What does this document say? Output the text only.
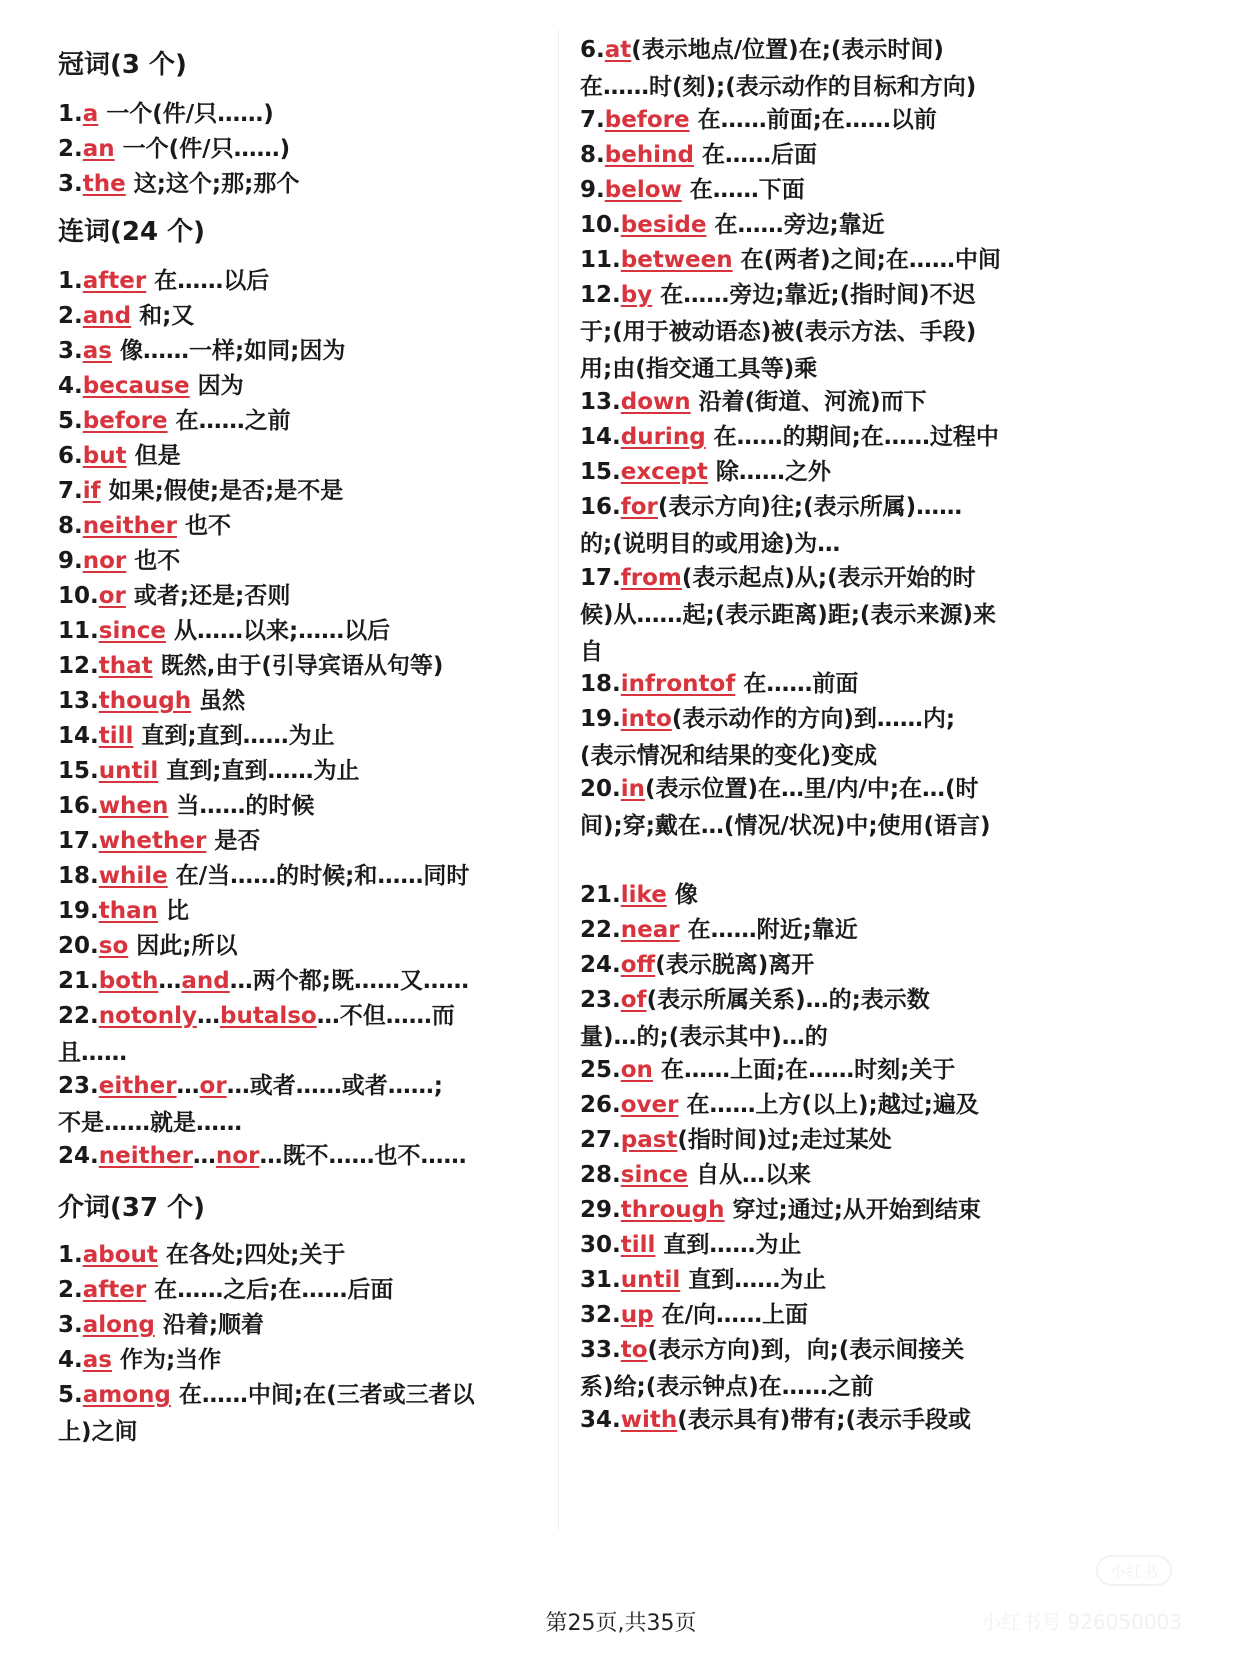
冠词(3 个)
1.a 一个(件/只……)
2.an 一个(件/只……)
3.the 这;这个;那;那个
连词(24 个)
1.after 在……以后
2.and 和;又
3.as 像……一样;如同;因为
4.because 因为
5.before 在……之前
6.but 但是
7.if 如果;假使;是否;是不是
8.neither 也不
9.nor 也不
10.or 或者;还是;否则
11.since 从……以来;……以后
12.that 既然,由于(引导宾语从句等)
13.though 虽然
14.till 直到;直到……为止
15.until 直到;直到……为止
16.when 当……的时候
17.whether 是否
18.while 在/当……的时候;和……同时
19.than 比
20.so 因此;所以
21.both…and…两个都;既……又……
22.notonly…butalso…不但……而且……
23.either…or…或者……或者……;不是……就是……
24.neither…nor…既不……也不……
介词(37 个)
1.about 在各处;四处;关于
2.after 在……之后;在……后面
3.along 沿着;顺着
4.as 作为;当作
5.among 在……中间;在(三者或三者以上)之间
6.at(表示地点/位置)在;(表示时间)在……时(刻);(表示动作的目标和方向)
7.before 在……前面;在……以前
8.behind 在……后面
9.below 在……下面
10.beside 在……旁边;靠近
11.between 在(两者)之间;在……中间
12.by 在……旁边;靠近;(指时间)不迟于;(用于被动语态)被(表示方法、手段)用;由(指交通工具等)乘
13.down 沿着(街道、河流)而下
14.during 在……的期间;在……过程中
15.except 除……之外
16.for(表示方向)往;(表示所属)……的;(说明目的或用途)为…
17.from(表示起点)从;(表示开始的时候)从……起;(表示距离)距;(表示来源)来自
18.infrontof 在……前面
19.into(表示动作的方向)到……内;(表示情况和结果的变化)变成
20.in(表示位置)在…里/内/中;在…(时间);穿;戴在…(情况/状况)中;使用(语言)
21.like 像
22.near 在……附近;靠近
24.off(表示脱离)离开
23.of(表示所属关系)…的;表示数量)…的;(表示其中)…的
25.on 在……上面;在……时刻;关于
26.over 在……上方(以上);越过;遍及
27.past(指时间)过;走过某处
28.since 自从…以来
29.through 穿过;通过;从开始到结束
30.till 直到……为止
31.until 直到……为止
32.up 在/向……上面
33.to(表示方向)到，向;(表示间接关系)给;(表示钟点)在……之前
34.with(表示具有)带有;(表示手段或
小红书
第25页,共35页	小红书号 926050003
